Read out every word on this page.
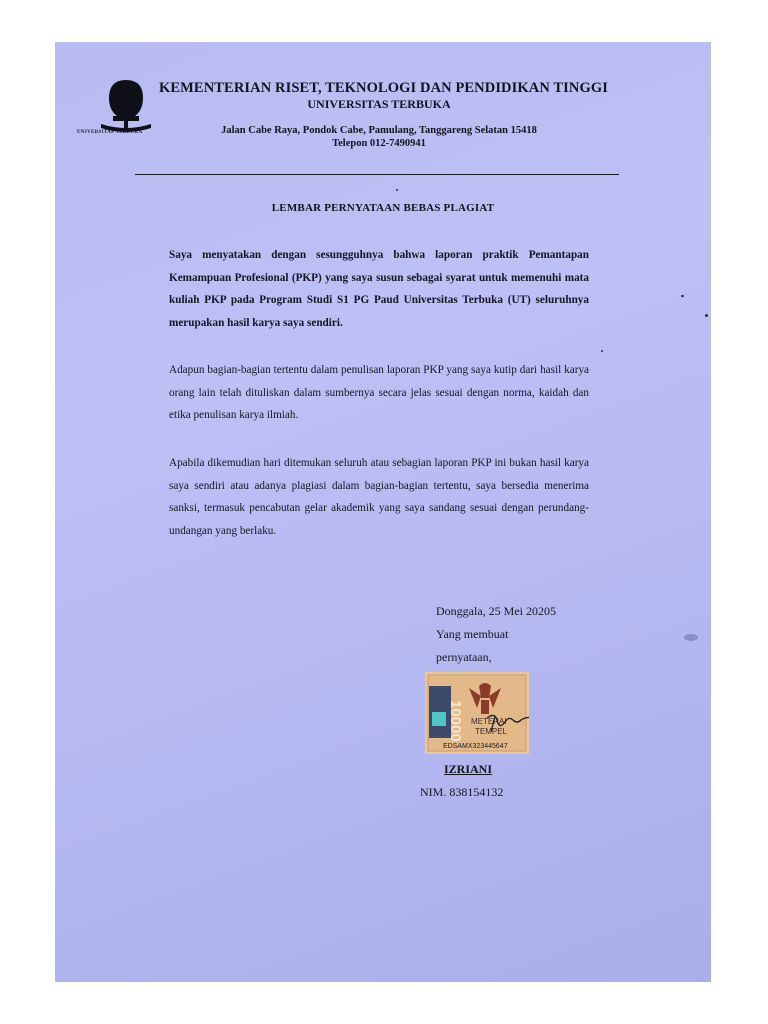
UNIVERSITAS TERBUKA
KEMENTERIAN RISET, TEKNOLOGI DAN PENDIDIKAN TINGGI
UNIVERSITAS TERBUKA
Jalan Cabe Raya, Pondok Cabe, Pamulang, Tanggareng Selatan 15418
Telepon 012-7490941
LEMBAR PERNYATAAN BEBAS PLAGIAT

Saya menyatakan dengan sesungguhnya bahwa laporan praktik Pemantapan Kemampuan Profesional (PKP) yang saya susun sebagai syarat untuk memenuhi mata kuliah PKP pada Program Studi S1 PG Paud Universitas Terbuka (UT) seluruhnya merupakan hasil karya saya sendiri.

Adapun bagian-bagian tertentu dalam penulisan laporan PKP yang saya kutip dari hasil karya orang lain telah dituliskan dalam sumbernya secara jelas sesuai dengan norma, kaidah dan etika penulisan karya ilmiah.

Apabila dikemudian hari ditemukan seluruh atau sebagian laporan PKP ini bukan hasil karya saya sendiri atau adanya plagiasi dalam bagian-bagian tertentu, saya bersedia menerima sanksi, termasuk pencabutan gelar akademik yang saya sandang sesuai dengan perundang-undangan yang berlaku.

Donggala, 25 Mei 20205
Yang membuat
pernyataan,
10000 METERAI
TEMPEL
EDSAMX323445647
IZRIANI
NIM. 838154132
